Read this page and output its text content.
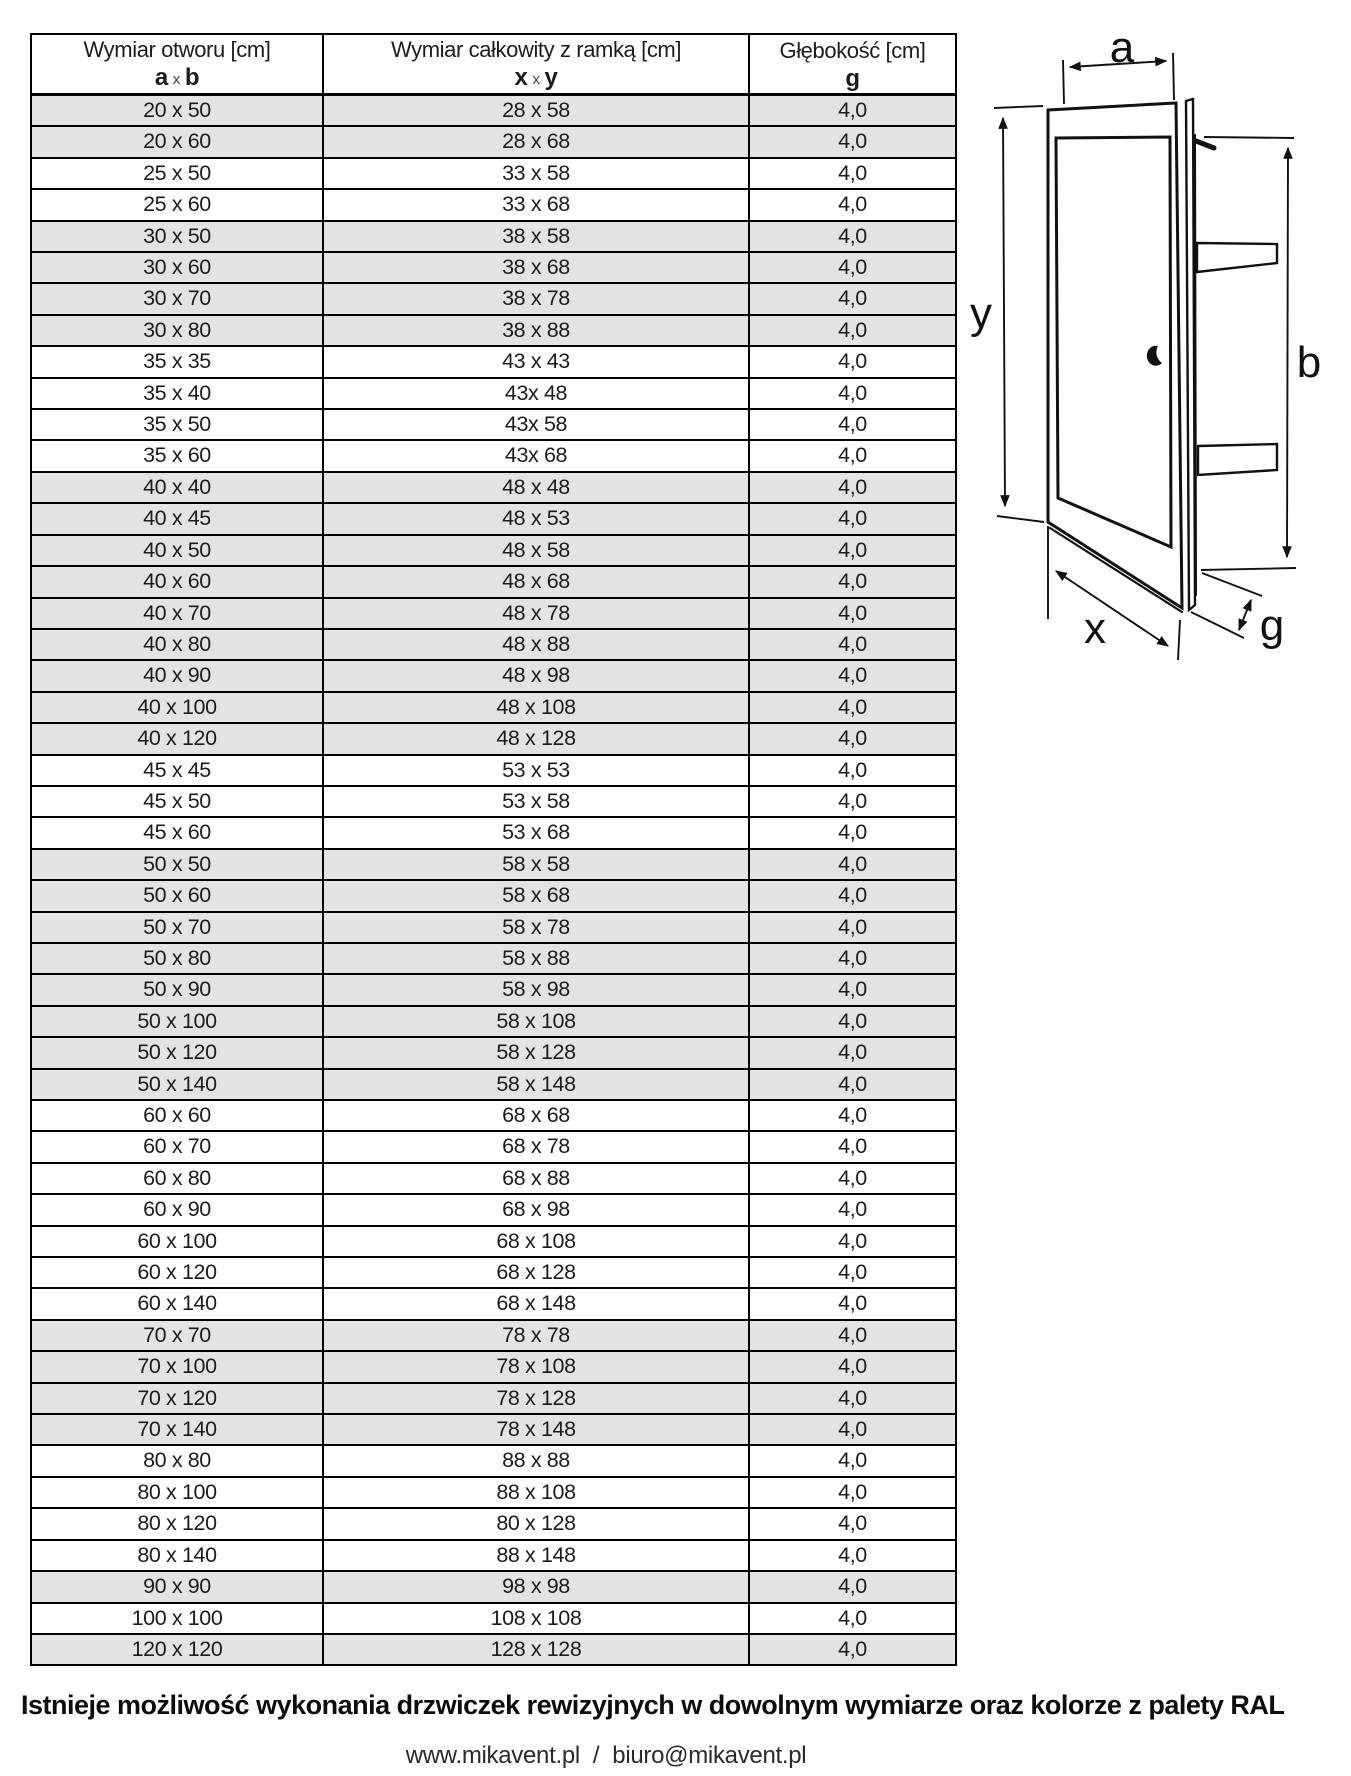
Wymiar otworu [cm]
ax b

Wymiar całkowity z ramką [cm]
xx y

Głębokość [cm]
g

20 x 50	28 x 58	4,0
20 x 60	28 x 68	4,0
25 x 50	33 x 58	4,0
25 x 60	33 x 68	4,0
30 x 50	38 x 58	4,0
30 x 60	38 x 68	4,0
30 x 70	38 x 78	4,0
30 x 80	38 x 88	4,0
35 x 35	43 x 43	4,0
35 x 40	43x 48	4,0
35 x 50	43x 58	4,0
35 x 60	43x 68	4,0
40 x 40	48 x 48	4,0
40 x 45	48 x 53	4,0
40 x 50	48 x 58	4,0
40 x 60	48 x 68	4,0
40 x 70	48 x 78	4,0
40 x 80	48 x 88	4,0
40 x 90	48 x 98	4,0
40 x 100	48 x 108	4,0
40 x 120	48 x 128	4,0
45 x 45	53 x 53	4,0
45 x 50	53 x 58	4,0
45 x 60	53 x 68	4,0
50 x 50	58 x 58	4,0
50 x 60	58 x 68	4,0
50 x 70	58 x 78	4,0
50 x 80	58 x 88	4,0
50 x 90	58 x 98	4,0
50 x 100	58 x 108	4,0
50 x 120	58 x 128	4,0
50 x 140	58 x 148	4,0
60 x 60	68 x 68	4,0
60 x 70	68 x 78	4,0
60 x 80	68 x 88	4,0
60 x 90	68 x 98	4,0
60 x 100	68 x 108	4,0
60 x 120	68 x 128	4,0
60 x 140	68 x 148	4,0
70 x 70	78 x 78	4,0
70 x 100	78 x 108	4,0
70 x 120	78 x 128	4,0
70 x 140	78 x 148	4,0
80 x 80	88 x 88	4,0
80 x 100	88 x 108	4,0
80 x 120	80 x 128	4,0
80 x 140	88 x 148	4,0
90 x 90	98 x 98	4,0
100 x 100	108 x 108	4,0
120 x 120	128 x 128	4,0
a
y
b
x	g
Istnieje możliwość wykonania drzwiczek rewizyjnych w dowolnym wymiarze oraz kolorze z palety RAL
www.mikavent.pl / biuro@mikavent.pl
